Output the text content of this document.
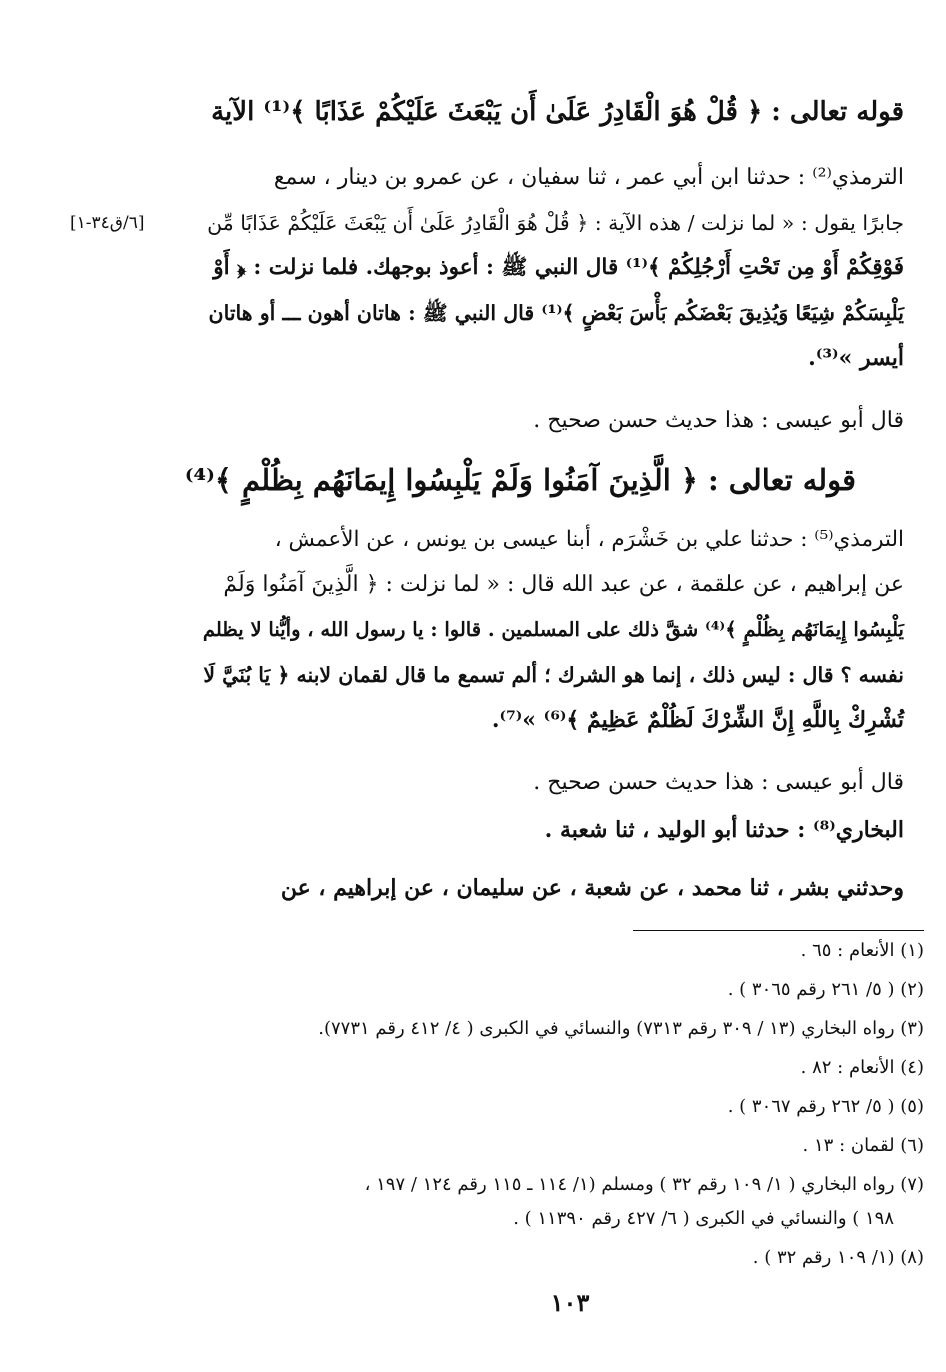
قوله تعالى : ﴿ قُلْ هُوَ الْقَادِرُ عَلَىٰ أَن يَبْعَثَ عَلَيْكُمْ عَذَابًا ﴾⁽¹⁾ الآية
الترمذي⁽²⁾ : حدثنا ابن أبي عمر ، ثنا سفيان ، عن عمرو بن دينار ، سمع
جابرًا يقول : « لما نزلت / هذه الآية : ﴿ قُلْ هُوَ الْقَادِرُ عَلَىٰ أَن يَبْعَثَ عَلَيْكُمْ عَذَابًا مِّن
[٦/ق٣٤-١]
فَوْقِكُمْ أَوْ مِن تَحْتِ أَرْجُلِكُمْ ﴾⁽¹⁾ قال النبي ﷺ : أعوذ بوجهك. فلما نزلت : ﴿ أَوْ
يَلْبِسَكُمْ شِيَعًا وَيُذِيقَ بَعْضَكُم بَأْسَ بَعْضٍ ﴾⁽¹⁾ قال النبي ﷺ : هاتان أهون ـــ أو هاتان
أيسر »⁽³⁾.
قال أبو عيسى : هذا حديث حسن صحيح .
قوله تعالى : ﴿ الَّذِينَ آمَنُوا وَلَمْ يَلْبِسُوا إِيمَانَهُم بِظُلْمٍ ﴾⁽⁴⁾
الترمذي⁽⁵⁾ : حدثنا علي بن خَشْرَم ، أبنا عيسى بن يونس ، عن الأعمش ،
عن إبراهيم ، عن علقمة ، عن عبد الله قال : « لما نزلت : ﴿ الَّذِينَ آمَنُوا وَلَمْ
يَلْبِسُوا إِيمَانَهُم بِظُلْمٍ ﴾⁽⁴⁾ شقَّ ذلك على المسلمين . قالوا : يا رسول الله ، وأيُّنا لا يظلم
نفسه ؟ قال : ليس ذلك ، إنما هو الشرك ؛ ألم تسمع ما قال لقمان لابنه ﴿ يَا بُنَيَّ لَا
تُشْرِكْ بِاللَّهِ إِنَّ الشِّرْكَ لَظُلْمٌ عَظِيمٌ ﴾⁽⁶⁾ »⁽⁷⁾.
قال أبو عيسى : هذا حديث حسن صحيح .
البخاري⁽⁸⁾ : حدثنا أبو الوليد ، ثنا شعبة .
وحدثني بشر ، ثنا محمد ، عن شعبة ، عن سليمان ، عن إبراهيم ، عن
(١) الأنعام : ٦٥ .
(٢) ( ٥/ ٢٦١ رقم ٣٠٦٥ ) .
(٣) رواه البخاري (١٣ / ٣٠٩ رقم ٧٣١٣) والنسائي في الكبرى ( ٤/ ٤١٢ رقم ٧٧٣١).
(٤) الأنعام : ٨٢ .
(٥) ( ٥/ ٢٦٢ رقم ٣٠٦٧ ) .
(٦) لقمان : ١٣ .
(٧) رواه البخاري ( ١/ ١٠٩ رقم ٣٢ ) ومسلم (١/ ١١٤ ـ ١١٥ رقم ١٢٤ / ١٩٧ ،
١٩٨ ) والنسائي في الكبرى ( ٦/ ٤٢٧ رقم ١١٣٩٠ ) .
(٨) (١/ ١٠٩ رقم ٣٢ ) .
١٠٣
